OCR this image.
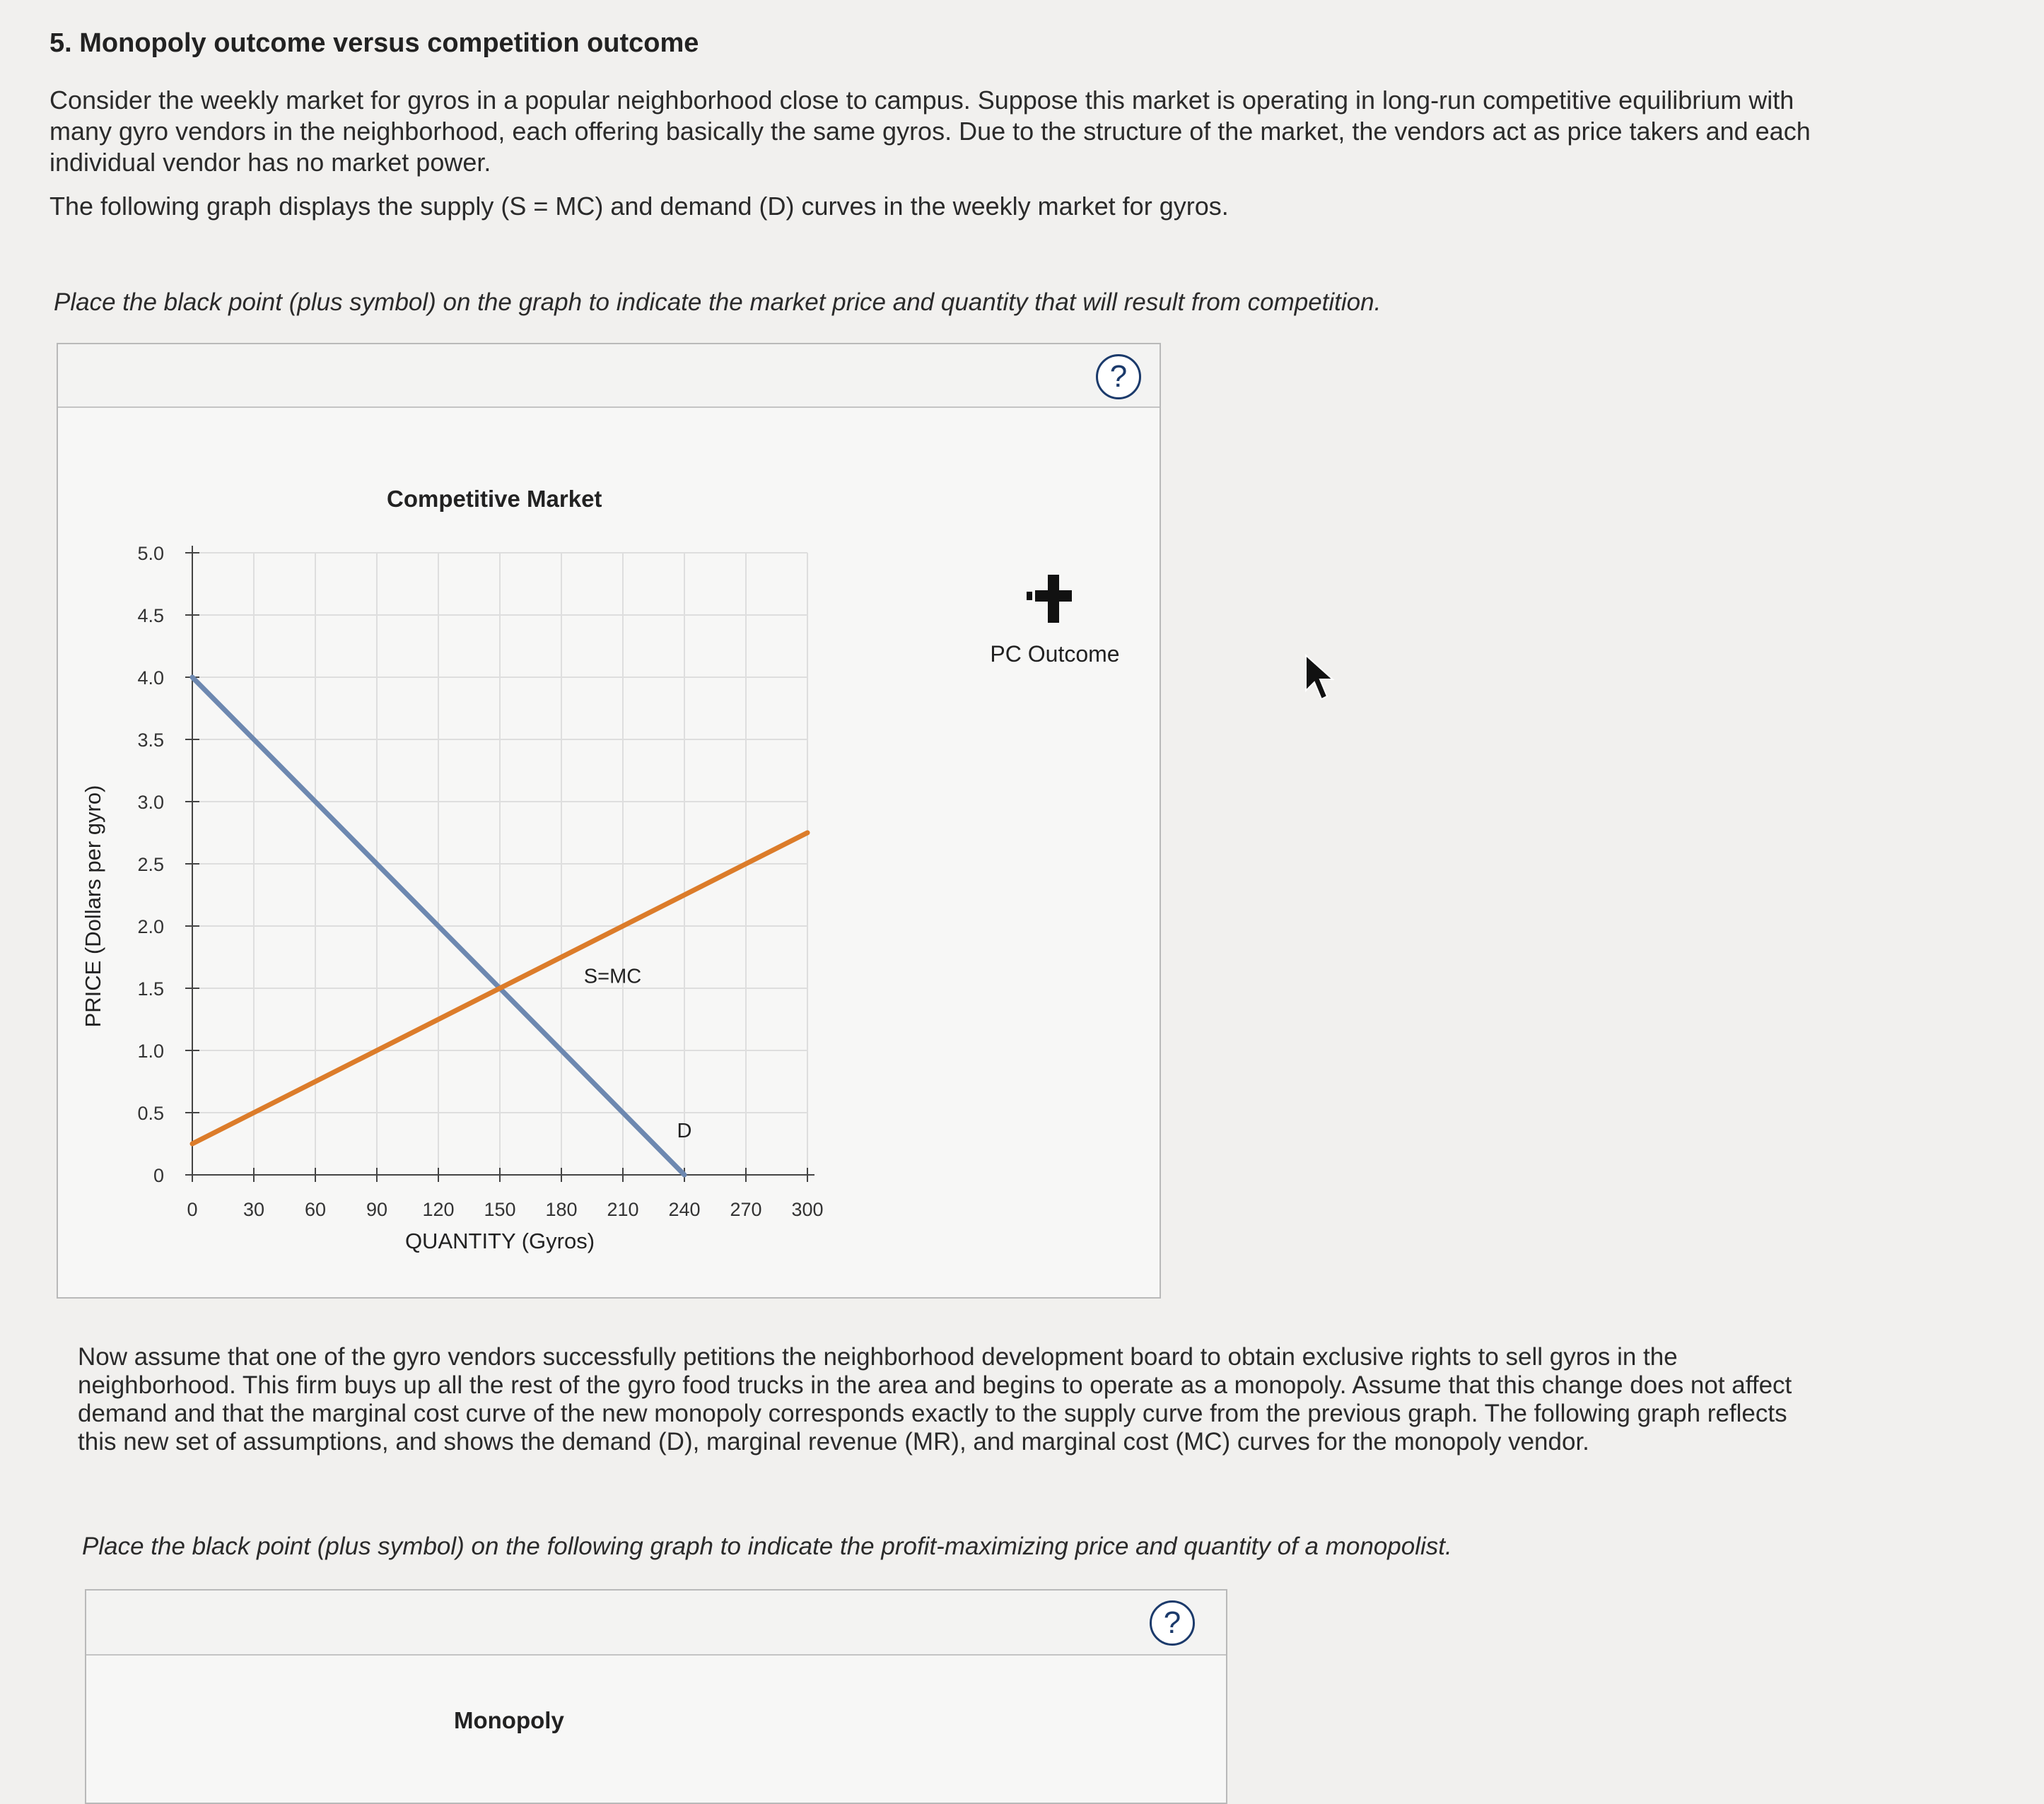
5. Monopoly outcome versus competition outcome
Consider the weekly market for gyros in a popular neighborhood close to campus. Suppose this market is operating in long-run competitive equilibrium with many gyro vendors in the neighborhood, each offering basically the same gyros. Due to the structure of the market, the vendors act as price takers and each individual vendor has no market power.
The following graph displays the supply (S = MC) and demand (D) curves in the weekly market for gyros.
Place the black point (plus symbol) on the graph to indicate the market price and quantity that will result from competition.
?
Competitive Market
0
0.5
1.0
1.5
2.0
2.5
3.0
3.5
4.0
4.5
5.0
0 30 60 90 120 150 180 210 240 270 300
QUANTITY (Gyros)
PRICE (Dollars per gyro)
D
S=MC
PC Outcome
Now assume that one of the gyro vendors successfully petitions the neighborhood development board to obtain exclusive rights to sell gyros in the neighborhood. This firm buys up all the rest of the gyro food trucks in the area and begins to operate as a monopoly. Assume that this change does not affect demand and that the marginal cost curve of the new monopoly corresponds exactly to the supply curve from the previous graph. The following graph reflects this new set of assumptions, and shows the demand (D), marginal revenue (MR), and marginal cost (MC) curves for the monopoly vendor.
Place the black point (plus symbol) on the following graph to indicate the profit-maximizing price and quantity of a monopolist.
?
Monopoly
